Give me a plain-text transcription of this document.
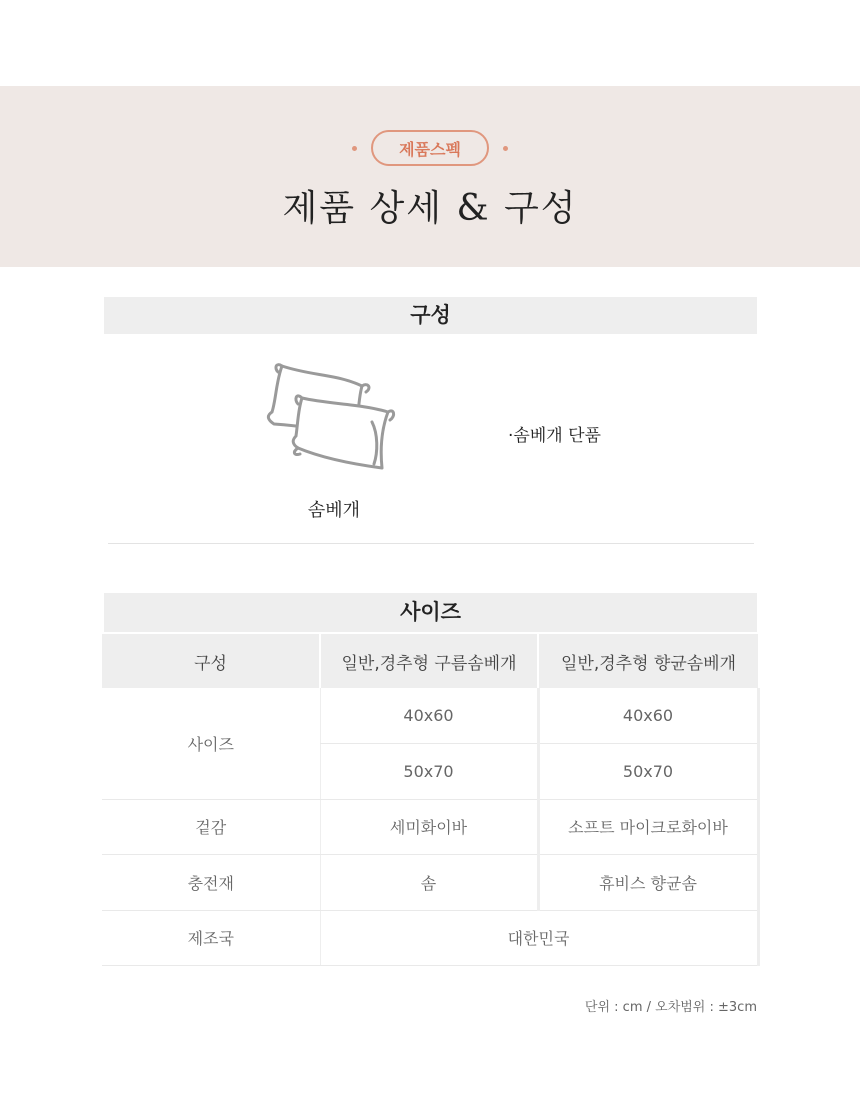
제품스펙
제품 상세 & 구성
구성
솜베개
·솜베개 단품
사이즈
구성	일반,경추형 구름솜베개	일반,경추형 향균솜베개
사이즈	40x60	40x60
	50x70	50x70
겉감	세미화이바	소프트 마이크로화이바
충전재	솜	휴비스 향균솜
제조국	대한민국	
단위 : cm / 오차범위 : ±3cm
